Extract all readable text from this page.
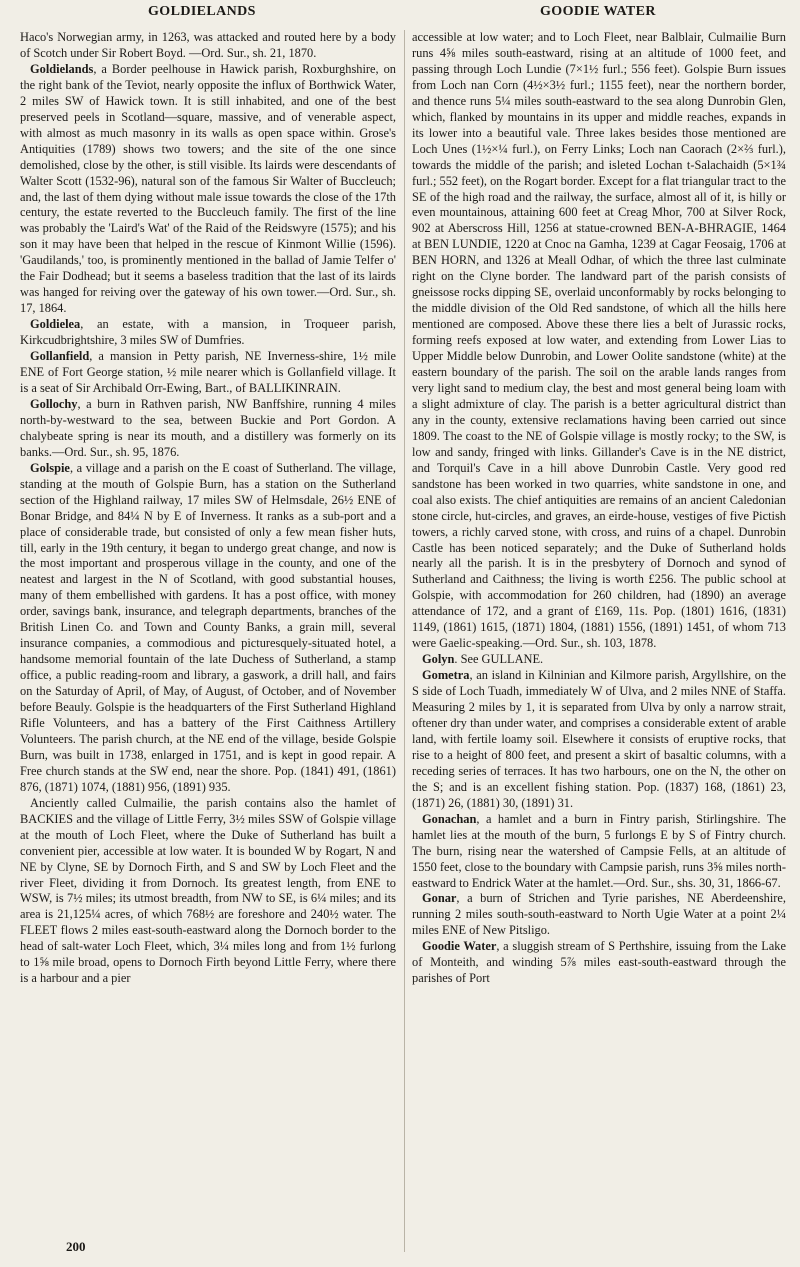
GOLDIELANDS	GOODIE WATER

Haco's Norwegian army, in 1263, was attacked and routed here by a body of Scotch under Sir Robert Boyd. —Ord. Sur., sh. 21, 1870.

Goldielands, a Border peelhouse in Hawick parish, Roxburghshire, on the right bank of the Teviot, nearly opposite the influx of Borthwick Water, 2 miles SW of Hawick town. It is still inhabited, and one of the best preserved peels in Scotland—square, massive, and of venerable aspect, with almost as much masonry in its walls as open space within. Grose's Antiquities (1789) shows two towers; and the site of the one since demolished, close by the other, is still visible. Its lairds were descendants of Walter Scott (1532-96), natural son of the famous Sir Walter of Buccleuch; and, the last of them dying without male issue towards the close of the 17th century, the estate reverted to the Buccleuch family. The first of the line was probably the 'Laird's Wat' of the Raid of the Reidswyre (1575); and his son it may have been that helped in the rescue of Kinmont Willie (1596). 'Gaudilands,' too, is prominently mentioned in the ballad of Jamie Telfer o' the Fair Dodhead; but it seems a baseless tradition that the last of its lairds was hanged for reiving over the gateway of his own tower.—Ord. Sur., sh. 17, 1864.

Goldielea, an estate, with a mansion, in Troqueer parish, Kirkcudbrightshire, 3 miles SW of Dumfries.

Gollanfield, a mansion in Petty parish, NE Inverness-shire, 1½ mile ENE of Fort George station, ½ mile nearer which is Gollanfield village. It is a seat of Sir Archibald Orr-Ewing, Bart., of BALLIKINRAIN.

Gollochy, a burn in Rathven parish, NW Banffshire, running 4 miles north-by-westward to the sea, between Buckie and Port Gordon. A chalybeate spring is near its mouth, and a distillery was formerly on its banks.—Ord. Sur., sh. 95, 1876.

Golspie, a village and a parish on the E coast of Sutherland. The village, standing at the mouth of Golspie Burn, has a station on the Sutherland section of the Highland railway, 17 miles SW of Helmsdale, 26½ ENE of Bonar Bridge, and 84¼ N by E of Inverness. It ranks as a sub-port and a place of considerable trade, but consisted of only a few mean fisher huts, till, early in the 19th century, it began to undergo great change, and now is the most important and prosperous village in the county, and one of the neatest and largest in the N of Scotland, with good substantial houses, many of them embellished with gardens. It has a post office, with money order, savings bank, insurance, and telegraph departments, branches of the British Linen Co. and Town and County Banks, a grain mill, several insurance companies, a commodious and picturesquely-situated hotel, a handsome memorial fountain of the late Duchess of Sutherland, a stamp office, a public reading-room and library, a gaswork, a drill hall, and fairs on the Saturday of April, of May, of August, of October, and of November before Beauly. Golspie is the headquarters of the First Sutherland Highland Rifle Volunteers, and has a battery of the First Caithness Artillery Volunteers. The parish church, at the NE end of the village, beside Golspie Burn, was built in 1738, enlarged in 1751, and is kept in good repair. A Free church stands at the SW end, near the shore. Pop. (1841) 491, (1861) 876, (1871) 1074, (1881) 956, (1891) 935.

Anciently called Culmailie, the parish contains also the hamlet of BACKIES and the village of Little Ferry, 3½ miles SSW of Golspie village at the mouth of Loch Fleet, where the Duke of Sutherland has built a convenient pier, accessible at low water. It is bounded W by Rogart, N and NE by Clyne, SE by Dornoch Firth, and S and SW by Loch Fleet and the river Fleet, dividing it from Dornoch. Its greatest length, from ENE to WSW, is 7½ miles; its utmost breadth, from NW to SE, is 6¼ miles; and its area is 21,125¼ acres, of which 768½ are foreshore and 240½ water. The FLEET flows 2 miles east-south-eastward along the Dornoch border to the head of salt-water Loch Fleet, which, 3¼ miles long and from 1½ furlong to 1⅝ mile broad, opens to Dornoch Firth beyond Little Ferry, where there is a harbour and a pier

accessible at low water; and to Loch Fleet, near Balblair, Culmailie Burn runs 4⅝ miles south-eastward, rising at an altitude of 1000 feet, and passing through Loch Lundie (7×1½ furl.; 556 feet). Golspie Burn issues from Loch nan Corn (4½×3½ furl.; 1155 feet), near the northern border, and thence runs 5¼ miles south-eastward to the sea along Dunrobin Glen, which, flanked by mountains in its upper and middle reaches, expands in its lower into a beautiful vale. Three lakes besides those mentioned are Loch Unes (1½×¼ furl.), on Ferry Links; Loch nan Caorach (2×⅔ furl.), towards the middle of the parish; and isleted Lochan t-Salachaidh (5×1¾ furl.; 552 feet), on the Rogart border. Except for a flat triangular tract to the SE of the high road and the railway, the surface, almost all of it, is hilly or even mountainous, attaining 600 feet at Creag Mhor, 700 at Silver Rock, 902 at Aberscross Hill, 1256 at statue-crowned BEN-A-BHRAGIE, 1464 at BEN LUNDIE, 1220 at Cnoc na Gamha, 1239 at Cagar Feosaig, 1706 at BEN HORN, and 1326 at Meall Odhar, of which the three last culminate right on the Clyne border. The landward part of the parish consists of gneissose rocks dipping SE, overlaid unconformably by rocks belonging to the middle division of the Old Red sandstone, of which all the hills here mentioned are composed. Above these there lies a belt of Jurassic rocks, forming reefs exposed at low water, and extending from Lower Lias to Upper Middle below Dunrobin, and Lower Oolite sandstone (white) at the eastern boundary of the parish. The soil on the arable lands ranges from very light sand to medium clay, the best and most general being loam with a slight admixture of clay. The parish is a better agricultural district than any in the county, extensive reclamations having been carried out since 1809. The coast to the NE of Golspie village is mostly rocky; to the SW, is low and sandy, fringed with links. Gillander's Cave is in the NE district, and Torquil's Cave in a hill above Dunrobin Castle. Very good red sandstone has been worked in two quarries, white sandstone in one, and coal also exists. The chief antiquities are remains of an ancient Caledonian stone circle, hut-circles, and graves, an eirde-house, vestiges of five Pictish towers, a richly carved stone, with cross, and ruins of a chapel. Dunrobin Castle has been noticed separately; and the Duke of Sutherland holds nearly all the parish. It is in the presbytery of Dornoch and synod of Sutherland and Caithness; the living is worth £256. The public school at Golspie, with accommodation for 260 children, had (1890) an average attendance of 172, and a grant of £169, 11s. Pop. (1801) 1616, (1831) 1149, (1861) 1615, (1871) 1804, (1881) 1556, (1891) 1451, of whom 713 were Gaelic-speaking.—Ord. Sur., sh. 103, 1878.

Golyn. See GULLANE.

Gometra, an island in Kilninian and Kilmore parish, Argyllshire, on the S side of Loch Tuadh, immediately W of Ulva, and 2 miles NNE of Staffa. Measuring 2 miles by 1, it is separated from Ulva by only a narrow strait, oftener dry than under water, and comprises a considerable extent of arable land, with fertile loamy soil. Elsewhere it consists of eruptive rocks, that rise to a height of 800 feet, and present a skirt of basaltic columns, with a receding series of terraces. It has two harbours, one on the N, the other on the S; and is an excellent fishing station. Pop. (1837) 168, (1861) 23, (1871) 26, (1881) 30, (1891) 31.

Gonachan, a hamlet and a burn in Fintry parish, Stirlingshire. The hamlet lies at the mouth of the burn, 5 furlongs E by S of Fintry church. The burn, rising near the watershed of Campsie Fells, at an altitude of 1550 feet, close to the boundary with Campsie parish, runs 3⅝ miles north-eastward to Endrick Water at the hamlet.—Ord. Sur., shs. 30, 31, 1866-67.

Gonar, a burn of Strichen and Tyrie parishes, NE Aberdeenshire, running 2 miles south-south-eastward to North Ugie Water at a point 2¼ miles ENE of New Pitsligo.

Goodie Water, a sluggish stream of S Perthshire, issuing from the Lake of Monteith, and winding 5⅞ miles east-south-eastward through the parishes of Port

200
